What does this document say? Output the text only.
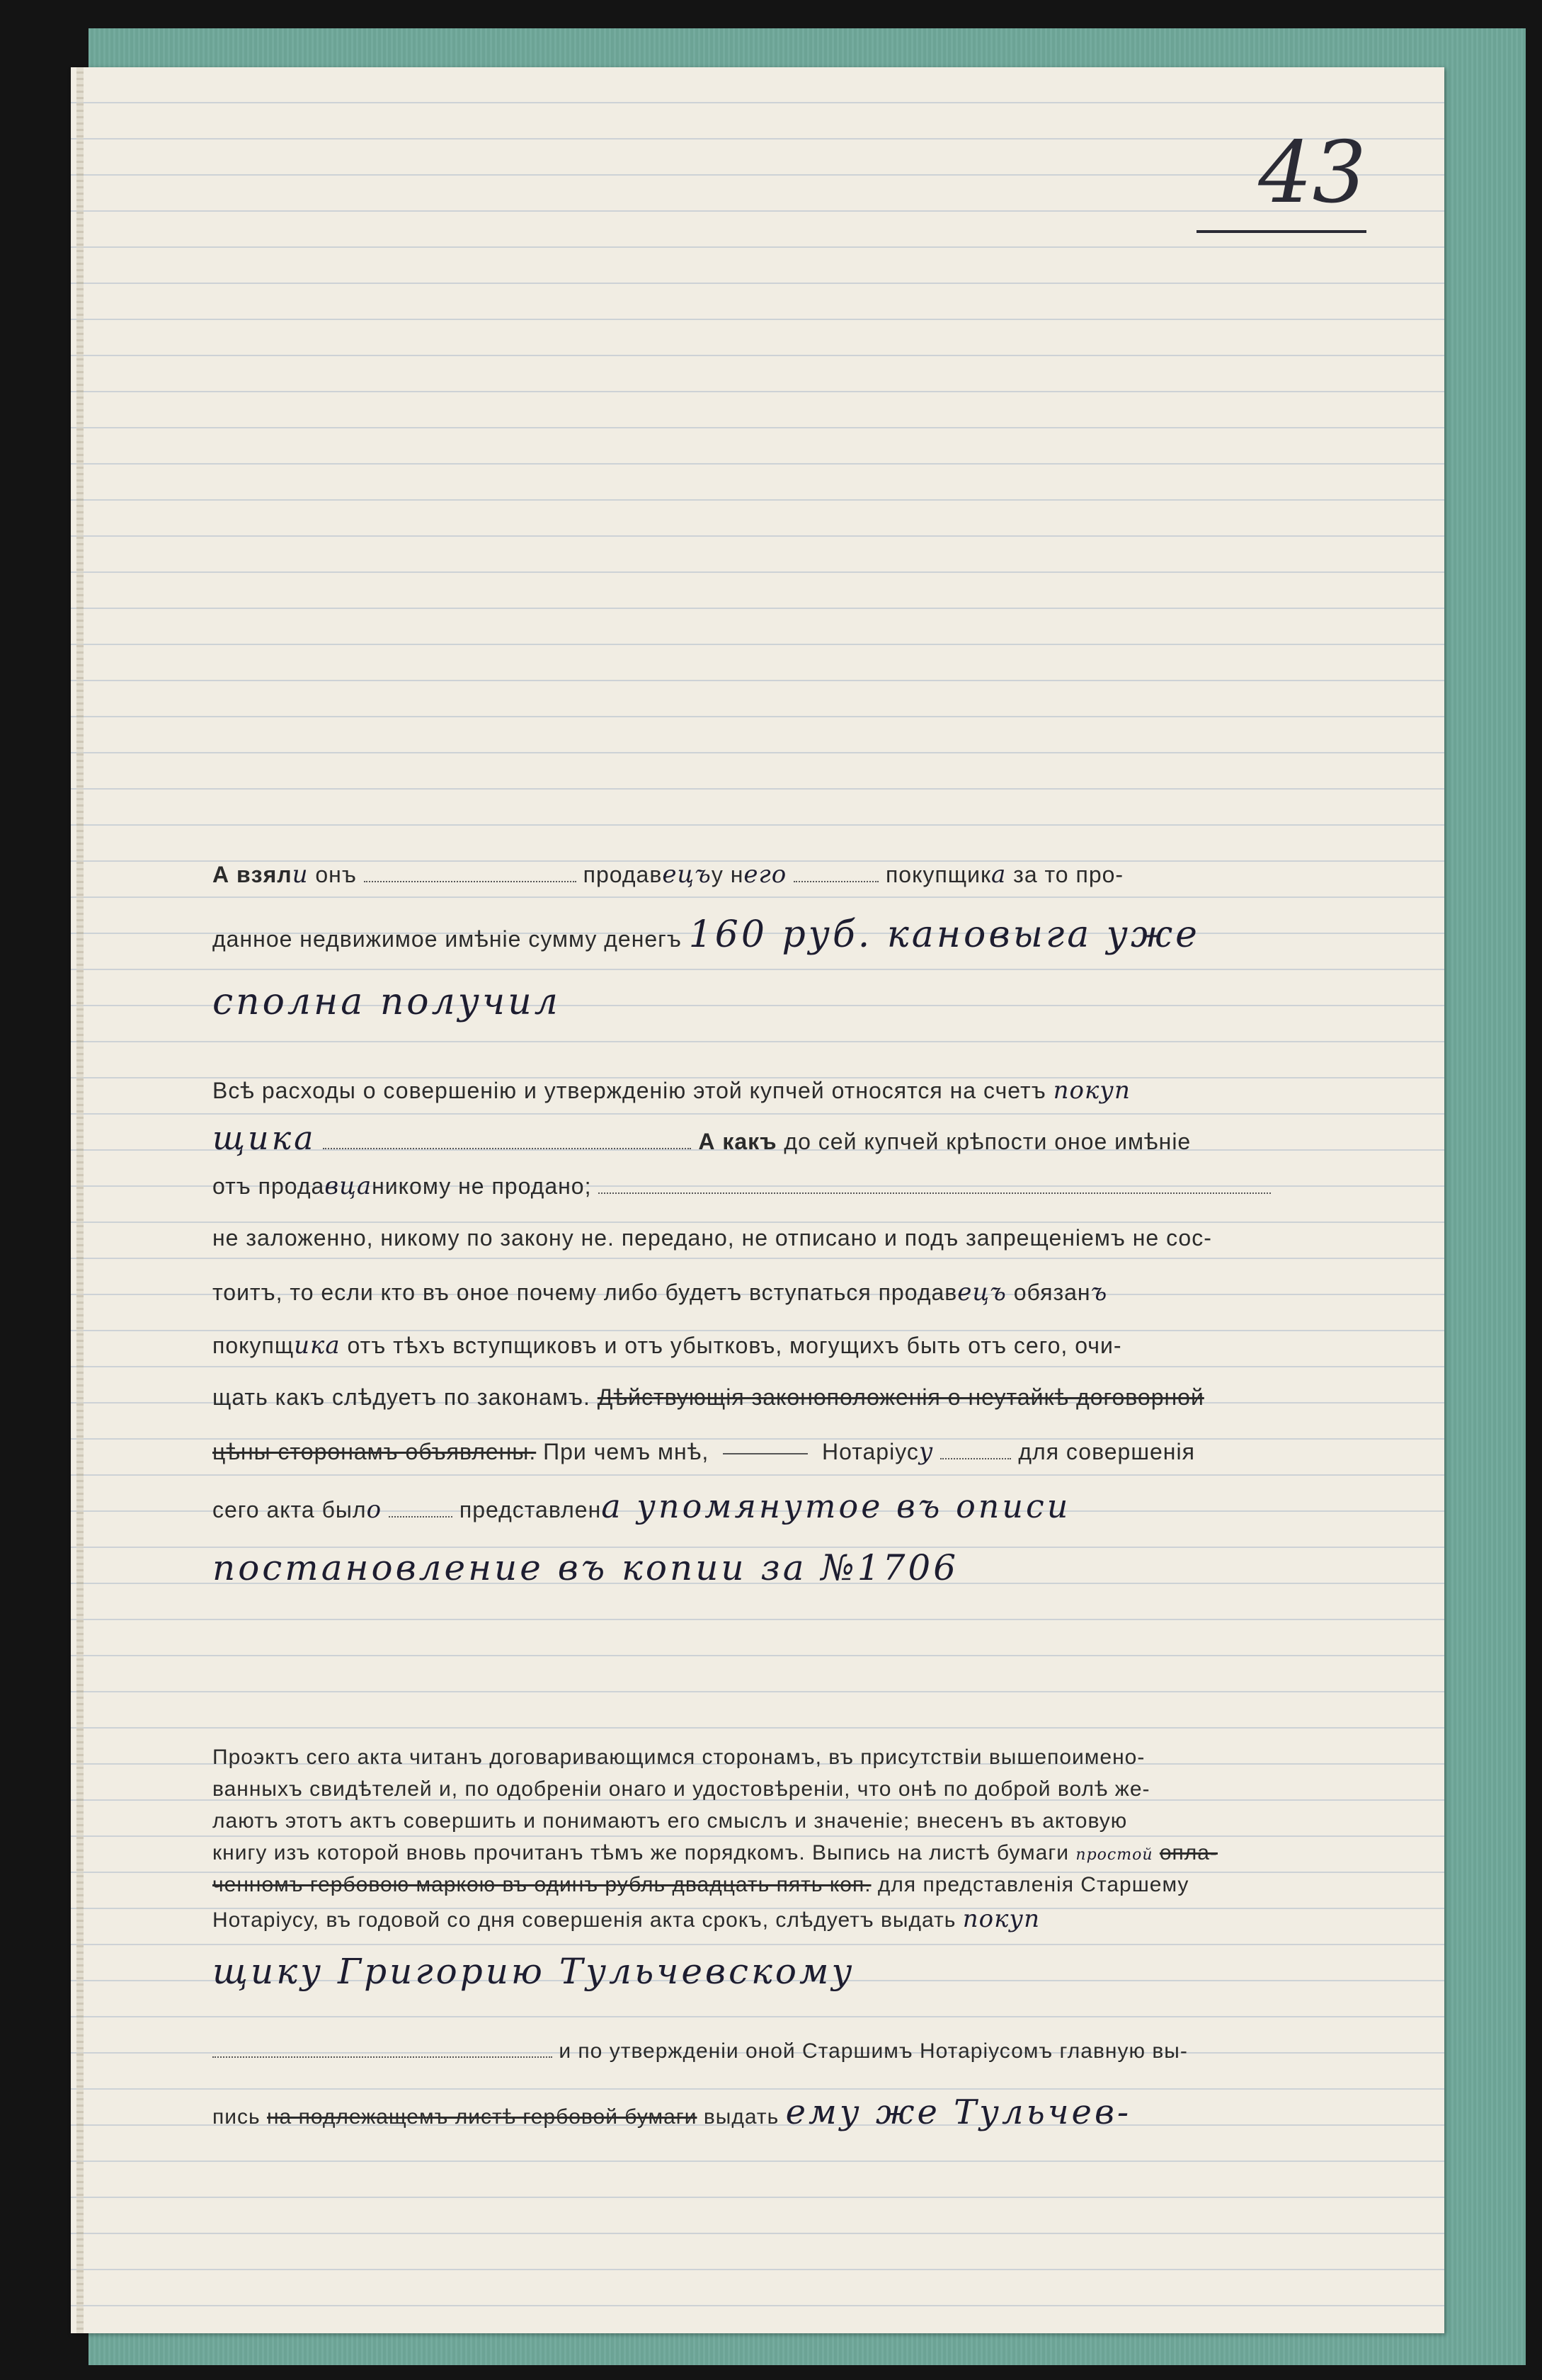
43
А взяли онъ	продавецъу него	покупщика за то про-
данное недвижимое имѣніе сумму денегъ 160 руб. кановыга уже
сполна получил
Всѣ расходы о совершенію и утвержденію этой купчей относятся на счетъ покуп
щика	А какъ до сей купчей крѣпости оное имѣніе
отъ продавцаникому не продано;
не заложенно, никому по закону не. передано, не отписано и подъ запрещеніемъ не сос-
тоитъ, то если кто въ оное почему либо будетъ вступаться продавецъ обязанъ
покупщика отъ тѣхъ вступщиковъ и отъ убытковъ, могущихъ быть отъ сего, очи-
щать какъ слѣдуетъ по законамъ. Дѣйствующія законоположенія о неутайкѣ договорной
цѣны сторонамъ объявлены. При чемъ мнѣ,	Нотаріусу	для совершенія
сего акта было	представлена упомянутое въ описи
постановление въ копии за №1706
Проэктъ сего акта читанъ договаривающимся сторонамъ, въ присутствіи вышепоимено-
ванныхъ свидѣтелей и, по одобреніи онаго и удостовѣреніи, что онѣ по доброй волѣ же-
лаютъ этотъ актъ совершить и понимаютъ его смыслъ и значеніе; внесенъ въ актовую
книгу изъ которой вновь прочитанъ тѣмъ же порядкомъ. Выпись на листѣ бумаги простой опла-
ченномъ гербовою маркою въ одинъ рубль двадцать пять коп. для представленія Старшему
Нотаріусу, въ годовой со дня совершенія акта срокъ, слѣдуетъ выдать покуп
щику Григорию Тульчевскому
и по утвержденіи оной Старшимъ Нотаріусомъ главную вы-
пись на подлежащемъ листѣ гербовой бумаги выдать ему же Тульчев-
